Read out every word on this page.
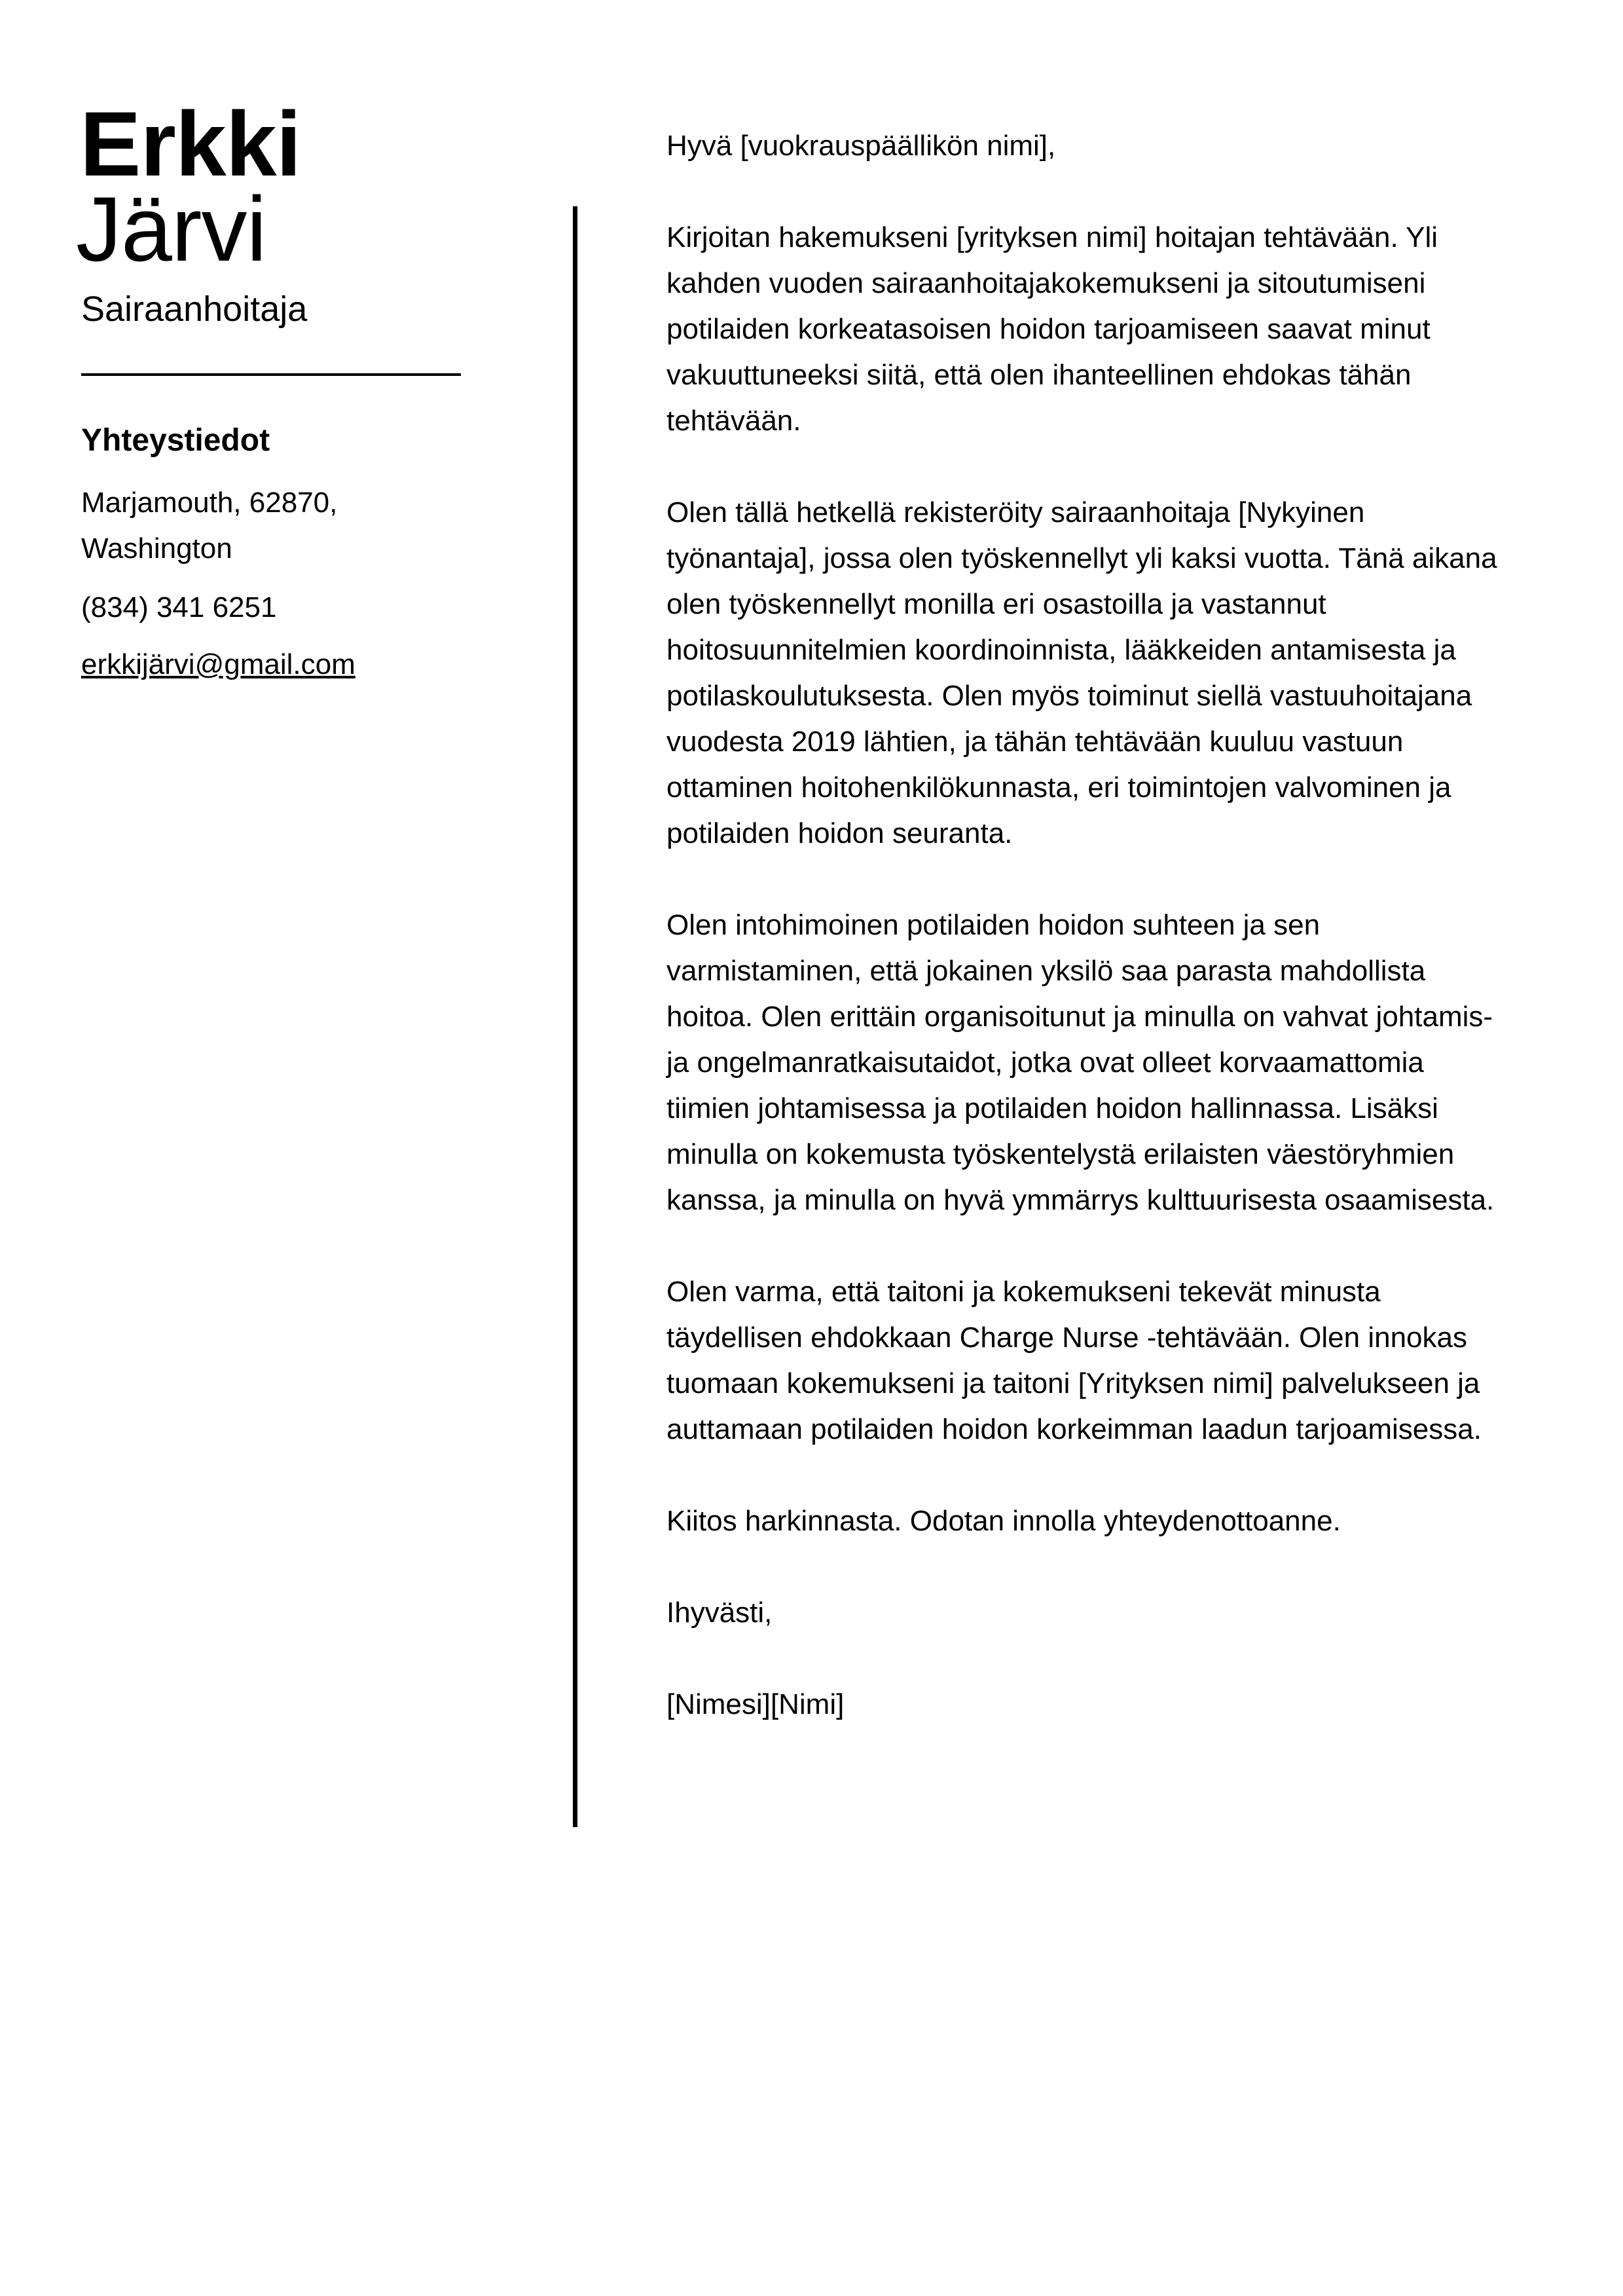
Erkki
Järvi
Sairaanhoitaja
Yhteystiedot
Marjamouth, 62870, Washington
(834) 341 6251
erkkijärvi@gmail.com

Hyvä [vuokrauspäällikön nimi],

Kirjoitan hakemukseni [yrityksen nimi] hoitajan tehtävään. Yli kahden vuoden sairaanhoitajakokemukseni ja sitoutumiseni potilaiden korkeatasoisen hoidon tarjoamiseen saavat minut vakuuttuneeksi siitä, että olen ihanteellinen ehdokas tähän tehtävään.

Olen tällä hetkellä rekisteröity sairaanhoitaja [Nykyinen työnantaja], jossa olen työskennellyt yli kaksi vuotta. Tänä aikana olen työskennellyt monilla eri osastoilla ja vastannut hoitosuunnitelmien koordinoinnista, lääkkeiden antamisesta ja potilaskoulutuksesta. Olen myös toiminut siellä vastuuhoitajana vuodesta 2019 lähtien, ja tähän tehtävään kuuluu vastuun ottaminen hoitohenkilökunnasta, eri toimintojen valvominen ja potilaiden hoidon seuranta.

Olen intohimoinen potilaiden hoidon suhteen ja sen varmistaminen, että jokainen yksilö saa parasta mahdollista hoitoa. Olen erittäin organisoitunut ja minulla on vahvat johtamis- ja ongelmanratkaisutaidot, jotka ovat olleet korvaamattomia tiimien johtamisessa ja potilaiden hoidon hallinnassa. Lisäksi minulla on kokemusta työskentelystä erilaisten väestöryhmien kanssa, ja minulla on hyvä ymmärrys kulttuurisesta osaamisesta.

Olen varma, että taitoni ja kokemukseni tekevät minusta täydellisen ehdokkaan Charge Nurse -tehtävään. Olen innokas tuomaan kokemukseni ja taitoni [Yrityksen nimi] palvelukseen ja auttamaan potilaiden hoidon korkeimman laadun tarjoamisessa.

Kiitos harkinnasta. Odotan innolla yhteydenottoanne.

Ihyvästi,

[Nimesi][Nimi]
